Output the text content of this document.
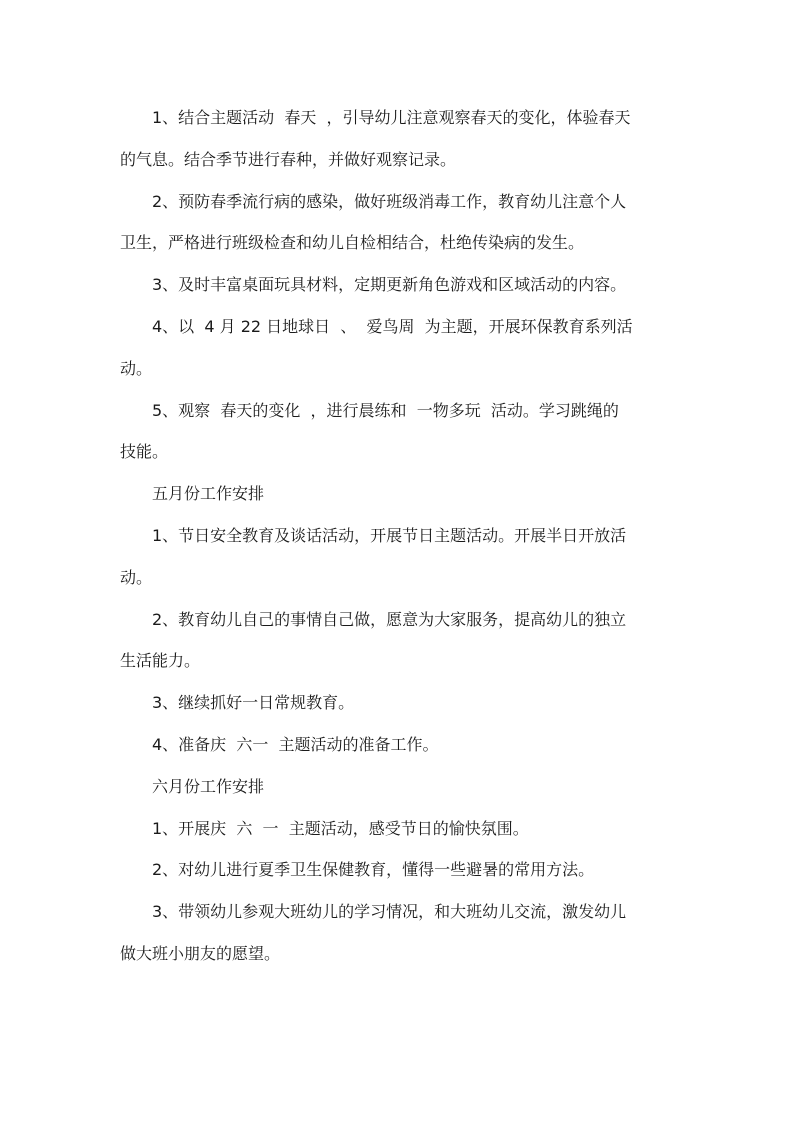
1、结合主题活动  春天  ，引导幼儿注意观察春天的变化，体验春天
的气息。结合季节进行春种，并做好观察记录。
2、预防春季流行病的感染，做好班级消毒工作，教育幼儿注意个人
卫生，严格进行班级检查和幼儿自检相结合，杜绝传染病的发生。
3、及时丰富桌面玩具材料，定期更新角色游戏和区域活动的内容。
4、以  4 月 22 日地球日  、  爱鸟周  为主题，开展环保教育系列活
动。
5、观察  春天的变化  ，进行晨练和  一物多玩  活动。学习跳绳的
技能。
五月份工作安排
1、节日安全教育及谈话活动，开展节日主题活动。开展半日开放活
动。
2、教育幼儿自己的事情自己做，愿意为大家服务，提高幼儿的独立
生活能力。
3、继续抓好一日常规教育。
4、准备庆  六一  主题活动的准备工作。
六月份工作安排
1、开展庆  六  一  主题活动，感受节日的愉快氛围。
2、对幼儿进行夏季卫生保健教育，懂得一些避暑的常用方法。
3、带领幼儿参观大班幼儿的学习情况，和大班幼儿交流，激发幼儿
做大班小朋友的愿望。
